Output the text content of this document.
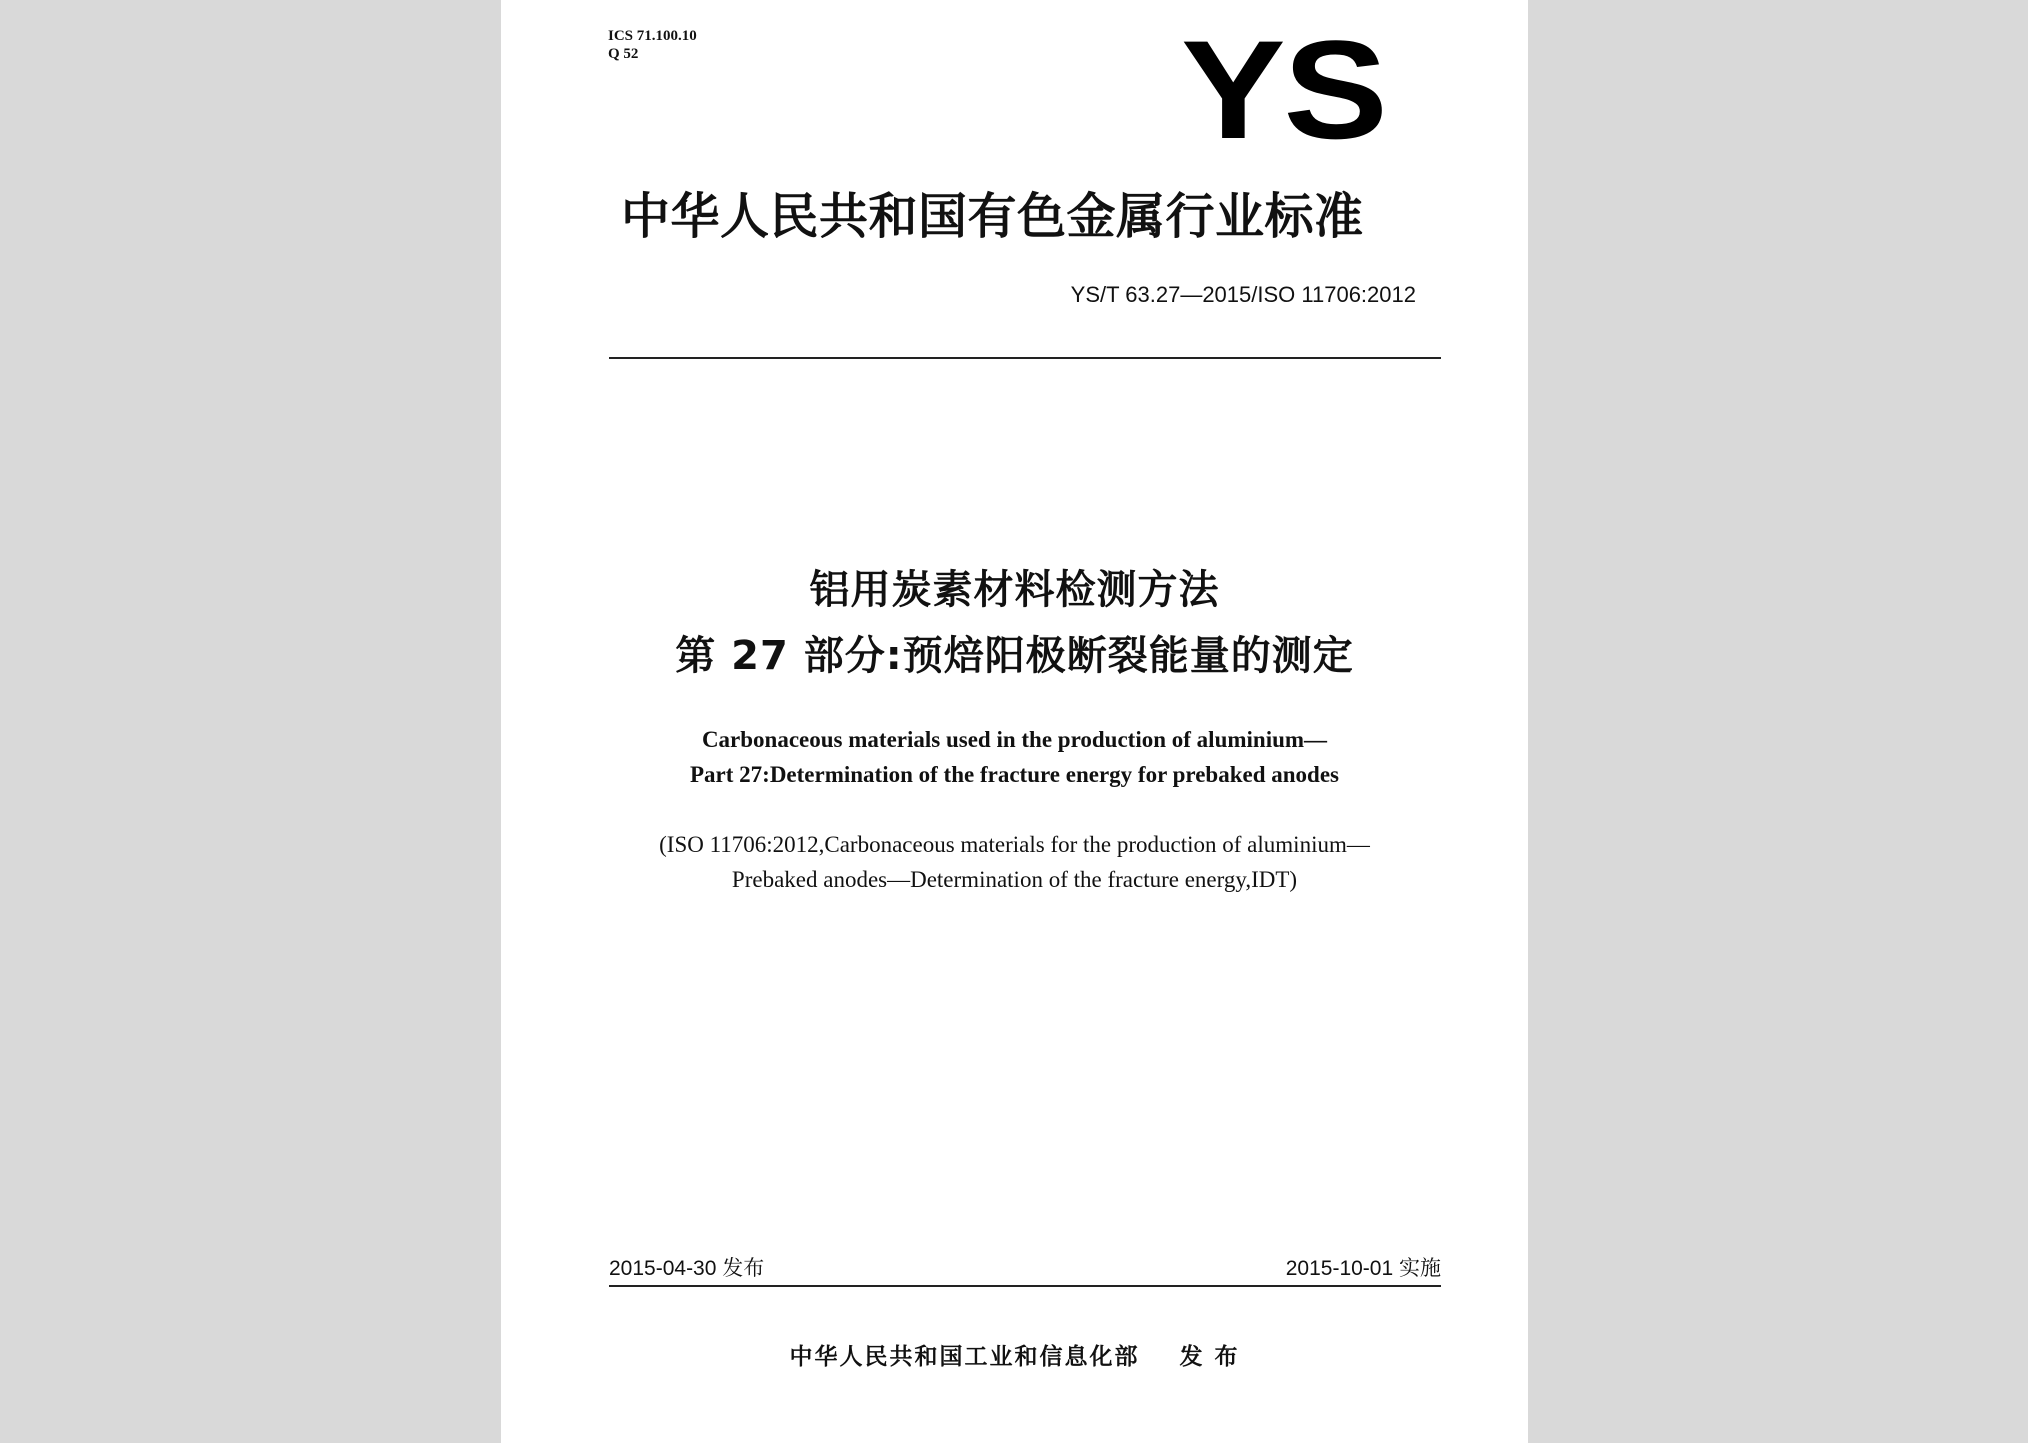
ICS 71.100.10
Q 52	YS
中华人民共和国有色金属行业标准
YS/T 63.27—2015/ISO 11706:2012
铝用炭素材料检测方法
第 27 部分:预焙阳极断裂能量的测定
Carbonaceous materials used in the production of aluminium—
Part 27:Determination of the fracture energy for prebaked anodes
(ISO 11706:2012,Carbonaceous materials for the production of aluminium—
Prebaked anodes—Determination of the fracture energy,IDT)
2015-04-30 发布	2015-10-01 实施
中华人民共和国工业和信息化部 发 布
